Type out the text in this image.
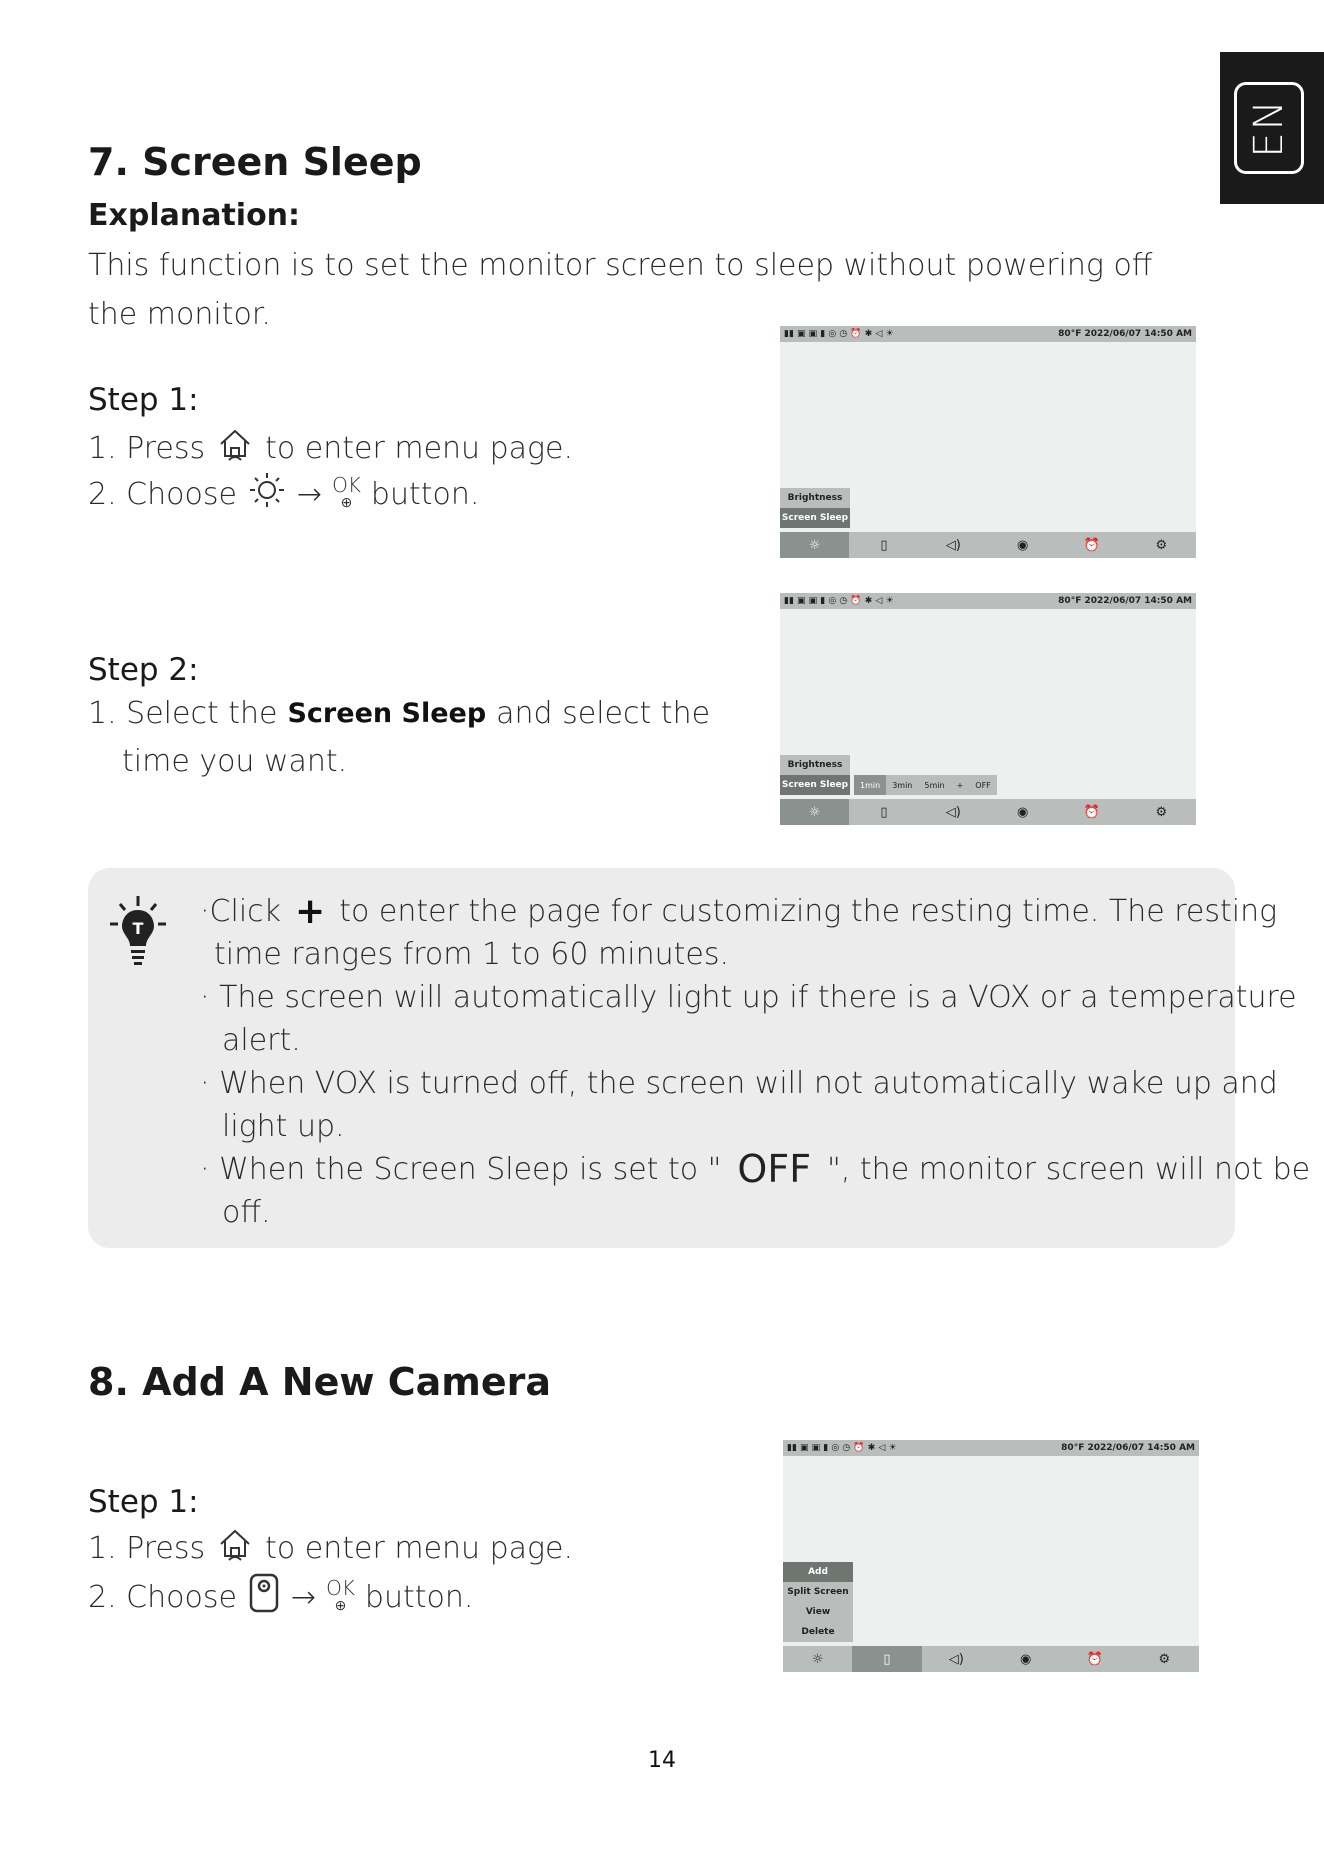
EN
7. Screen Sleep
Explanation:
This function is to set the monitor screen to sleep without powering off
the monitor.
Step 1:
1. Press to enter menu page.
2. Choose → OK
⊕ button.
Step 2:
1. Select the Screen Sleep and select the
time you want.
▮▮ ▣ ▣ ▮ ◎ ◷ ⏰ ✱ ◁ ☀	80°F 2022/06/07 14:50 AM
Brightness
Screen Sleep
☼	▯	◁)	◉	⏰	⚙
▮▮ ▣ ▣ ▮ ◎ ◷ ⏰ ✱ ◁ ☀	80°F 2022/06/07 14:50 AM
Brightness
Screen Sleep	1min	3min	5min	+	OFF
☼	▯	◁)	◉	⏰	⚙
T ·Click + to enter the page for customizing the resting time. The resting
time ranges from 1 to 60 minutes.
· The screen will automatically light up if there is a VOX or a temperature
alert.
· When VOX is turned off, the screen will not automatically wake up and
light up.
· When the Screen Sleep is set to " OFF ", the monitor screen will not be
off.
8. Add A New Camera
Step 1:
1. Press to enter menu page.
2. Choose → OK
⊕ button.
▮▮ ▣ ▣ ▮ ◎ ◷ ⏰ ✱ ◁ ☀	80°F 2022/06/07 14:50 AM
Add
Split Screen
View
Delete
☼	▯	◁)	◉	⏰	⚙
14
